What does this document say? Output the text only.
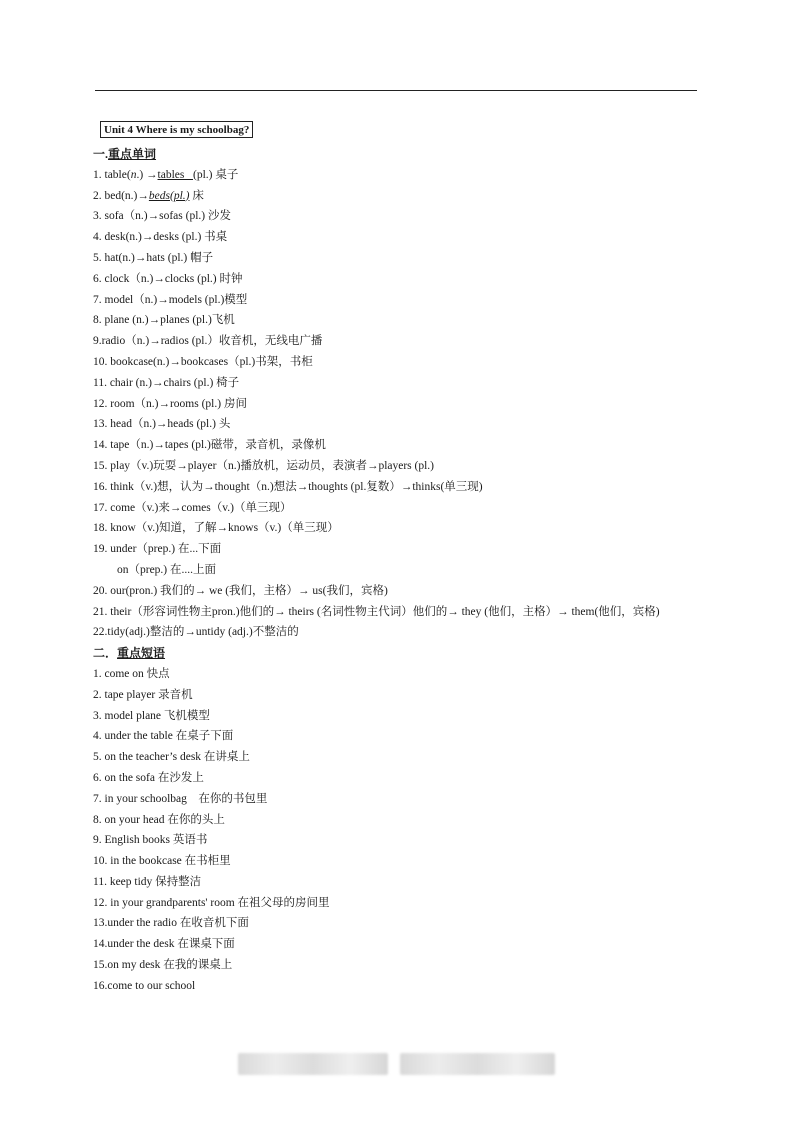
Unit 4 Where is my schoolbag?
一.重点单词
1. table(n.) →tables   (pl.) 桌子
2. bed(n.)→beds(pl.) 床
3. sofa（n.)→sofas (pl.) 沙发
4. desk(n.)→desks (pl.) 书桌
5. hat(n.)→hats (pl.) 帽子
6. clock（n.)→clocks (pl.) 时钟
7. model（n.)→models (pl.)模型
8. plane (n.)→planes (pl.)飞机
9.radio（n.)→radios (pl.）收音机，无线电广播
10. bookcase(n.)→bookcases（pl.)书架，书柜
11. chair (n.)→chairs (pl.) 椅子
12. room（n.)→rooms (pl.) 房间
13. head（n.)→heads (pl.) 头
14. tape（n.)→tapes (pl.)磁带，录音机，录像机
15. play（v.)玩耍→player（n.)播放机，运动员，表演者→players (pl.)
16. think（v.)想，认为→thought（n.)想法→thoughts (pl.复数）→thinks(单三现)
17. come（v.)来→comes（v.)（单三现）
18. know（v.)知道，了解→knows（v.)（单三现）
19. under（prep.) 在...下面
on（prep.) 在....上面
20. our(pron.) 我们的→ we (我们，主格）→ us(我们，宾格)
21. their（形容词性物主pron.)他们的→ theirs (名词性物主代词）他们的→ they (他们，主格）→ them(他们，宾格)
22.tidy(adj.)整洁的→untidy (adj.)不整洁的
二．重点短语
1. come on 快点
2. tape player 录音机
3. model plane 飞机模型
4. under the table 在桌子下面
5. on the teacher’s desk 在讲桌上
6. on the sofa 在沙发上
7. in your schoolbag    在你的书包里
8. on your head 在你的头上
9. English books 英语书
10. in the bookcase 在书柜里
11. keep tidy 保持整洁
12. in your grandparents' room 在祖父母的房间里
13.under the radio 在收音机下面
14.under the desk 在课桌下面
15.on my desk 在我的课桌上
16.come to our school
